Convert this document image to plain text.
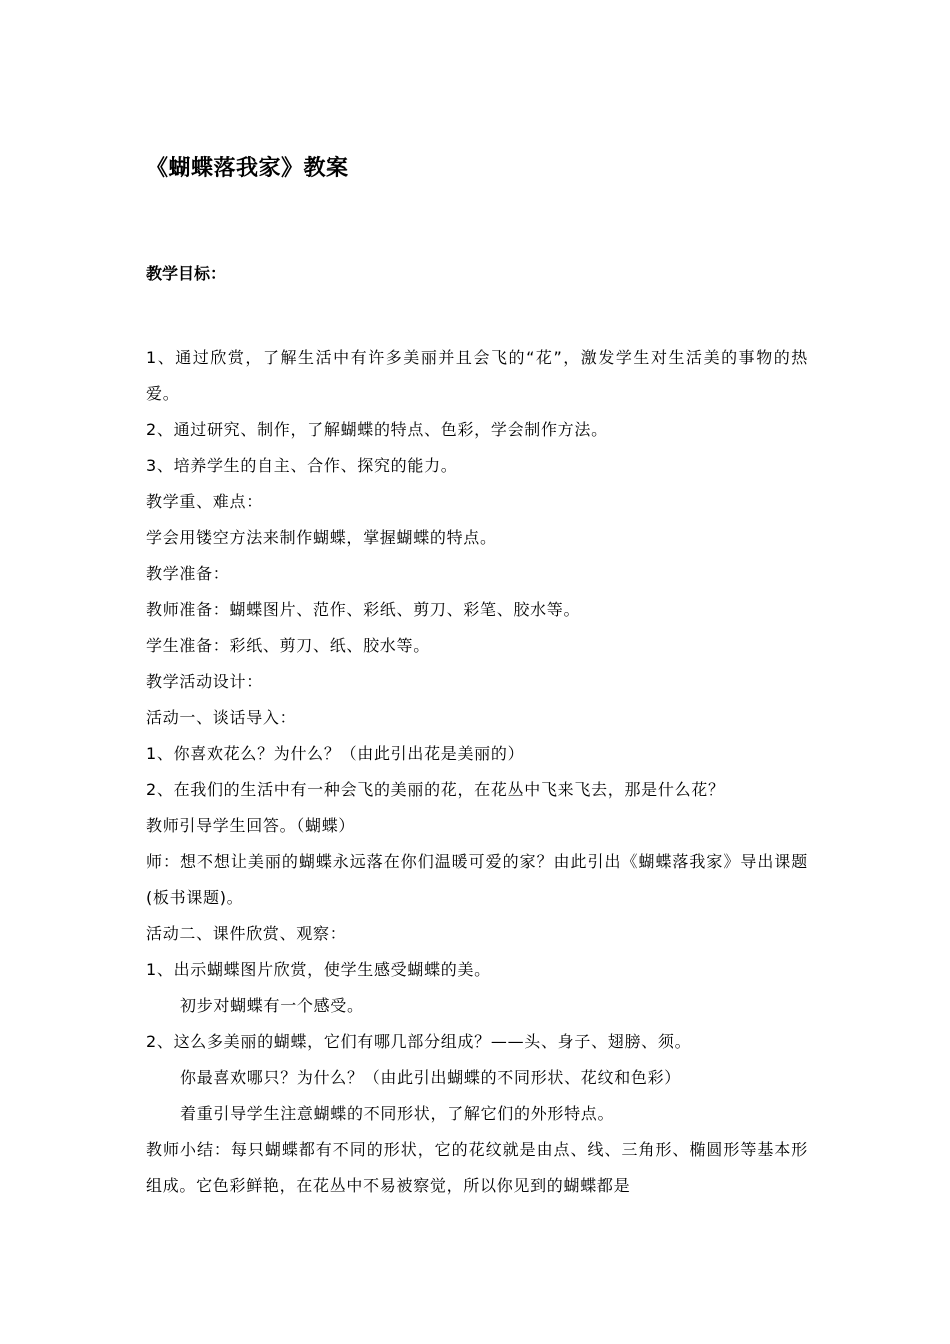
《蝴蝶落我家》教案
教学目标：

1、通过欣赏，了解生活中有许多美丽并且会飞的“花”，激发学生对生活美的事物的热爱。

2、通过研究、制作，了解蝴蝶的特点、色彩，学会制作方法。

3、培养学生的自主、合作、探究的能力。

教学重、难点：

学会用镂空方法来制作蝴蝶，掌握蝴蝶的特点。

教学准备：

教师准备：蝴蝶图片、范作、彩纸、剪刀、彩笔、胶水等。

学生准备：彩纸、剪刀、纸、胶水等。

教学活动设计：

活动一、谈话导入：

1、你喜欢花么？为什么？（由此引出花是美丽的）

2、在我们的生活中有一种会飞的美丽的花，在花丛中飞来飞去，那是什么花？

教师引导学生回答。（蝴蝶）

师：想不想让美丽的蝴蝶永远落在你们温暖可爱的家？由此引出《蝴蝶落我家》导出课题(板书课题)。

活动二、课件欣赏、观察：

1、出示蝴蝶图片欣赏，使学生感受蝴蝶的美。

初步对蝴蝶有一个感受。

2、这么多美丽的蝴蝶，它们有哪几部分组成？——头、身子、翅膀、须。

你最喜欢哪只？为什么？（由此引出蝴蝶的不同形状、花纹和色彩）

着重引导学生注意蝴蝶的不同形状，了解它们的外形特点。

教师小结：每只蝴蝶都有不同的形状，它的花纹就是由点、线、三角形、椭圆形等基本形组成。它色彩鲜艳，在花丛中不易被察觉，所以你见到的蝴蝶都是
